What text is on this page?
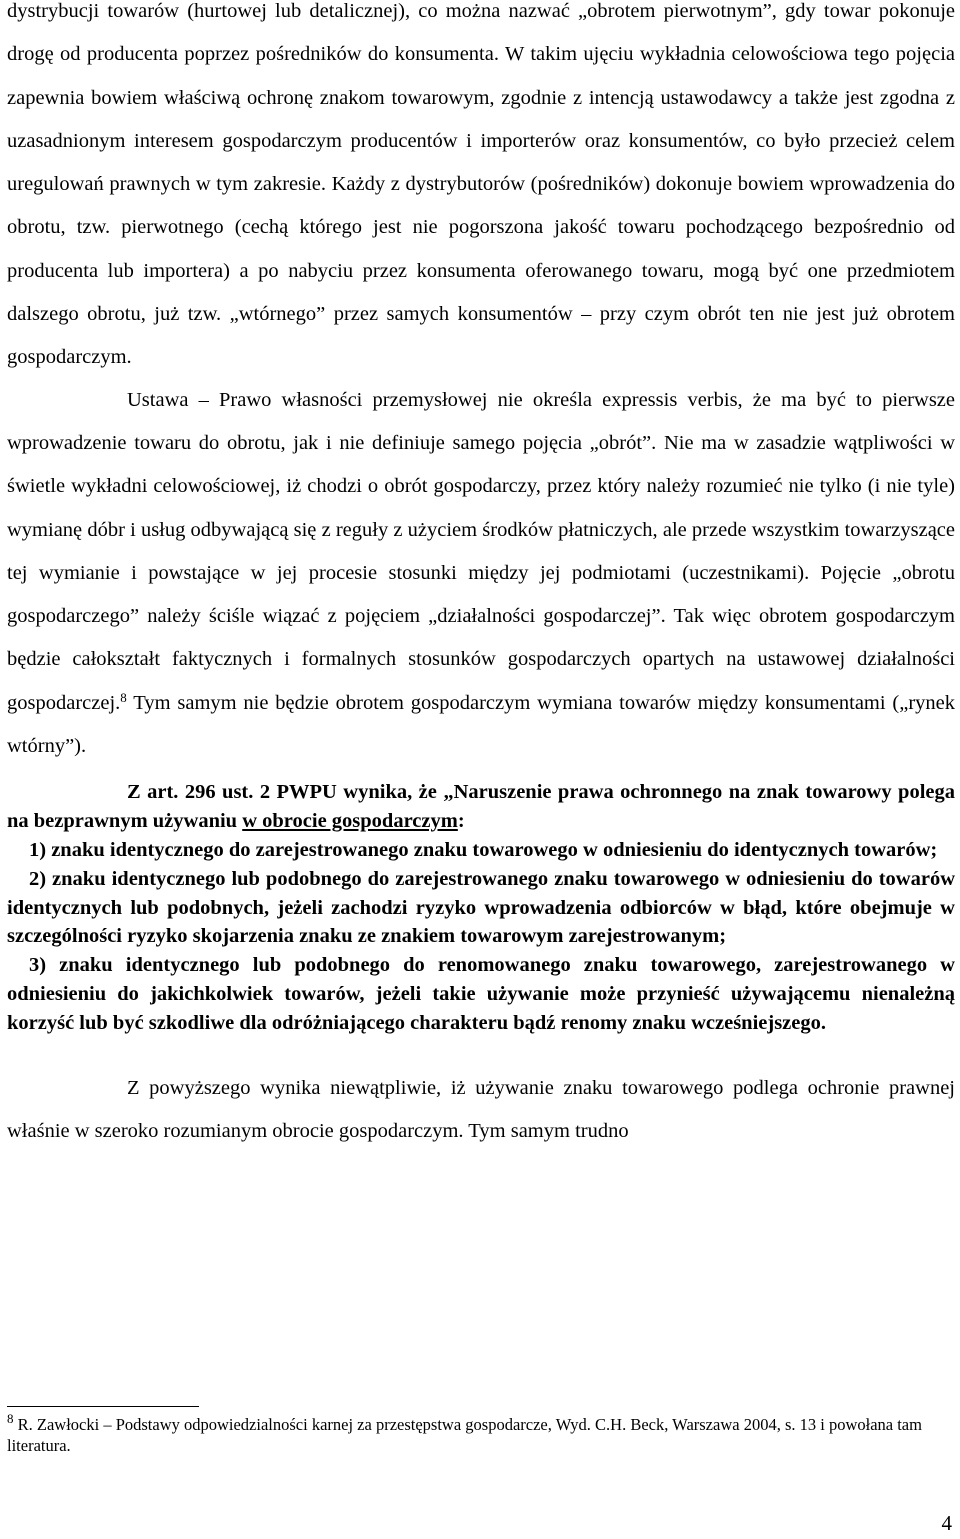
dystrybucji towarów (hurtowej lub detalicznej), co można nazwać „obrotem pierwotnym”, gdy towar pokonuje drogę od producenta poprzez pośredników do konsumenta. W takim ujęciu wykładnia celowościowa tego pojęcia zapewnia bowiem właściwą ochronę znakom towarowym, zgodnie z intencją ustawodawcy a także jest zgodna z uzasadnionym interesem gospodarczym producentów i importerów oraz konsumentów, co było przecież celem uregulowań prawnych w tym zakresie. Każdy z dystrybutorów (pośredników) dokonuje bowiem wprowadzenia do obrotu, tzw. pierwotnego (cechą którego jest nie pogorszona jakość towaru pochodzącego bezpośrednio od producenta lub importera) a po nabyciu przez konsumenta oferowanego towaru, mogą być one przedmiotem dalszego obrotu, już tzw. „wtórnego” przez samych konsumentów – przy czym obrót ten nie jest już obrotem gospodarczym.

Ustawa – Prawo własności przemysłowej nie określa expressis verbis, że ma być to pierwsze wprowadzenie towaru do obrotu, jak i nie definiuje samego pojęcia „obrót”. Nie ma w zasadzie wątpliwości w świetle wykładni celowościowej, iż chodzi o obrót gospodarczy, przez który należy rozumieć nie tylko (i nie tyle) wymianę dóbr i usług odbywającą się z reguły z użyciem środków płatniczych, ale przede wszystkim towarzyszące tej wymianie i powstające w jej procesie stosunki między jej podmiotami (uczestnikami). Pojęcie „obrotu gospodarczego” należy ściśle wiązać z pojęciem „działalności gospodarczej”. Tak więc obrotem gospodarczym będzie całokształt faktycznych i formalnych stosunków gospodarczych opartych na ustawowej działalności gospodarczej.$^8$ Tym samym nie będzie obrotem gospodarczym wymiana towarów między konsumentami („rynek wtórny”).

Z art. 296 ust. 2 PWPU wynika, że „Naruszenie prawa ochronnego na znak towarowy polega na bezprawnym używaniu w obrocie gospodarczym:

1) znaku identycznego do zarejestrowanego znaku towarowego w odniesieniu do identycznych towarów;

2) znaku identycznego lub podobnego do zarejestrowanego znaku towarowego w odniesieniu do towarów identycznych lub podobnych, jeżeli zachodzi ryzyko wprowadzenia odbiorców w błąd, które obejmuje w szczególności ryzyko skojarzenia znaku ze znakiem towarowym zarejestrowanym;

3) znaku identycznego lub podobnego do renomowanego znaku towarowego, zarejestrowanego w odniesieniu do jakichkolwiek towarów, jeżeli takie używanie może przynieść używającemu nienależną korzyść lub być szkodliwe dla odróżniającego charakteru bądź renomy znaku wcześniejszego.

Z powyższego wynika niewątpliwie, iż używanie znaku towarowego podlega ochronie prawnej właśnie w szeroko rozumianym obrocie gospodarczym. Tym samym trudno

$^8$ R. Zawłocki – Podstawy odpowiedzialności karnej za przestępstwa gospodarcze, Wyd. C.H. Beck, Warszawa 2004, s. 13 i powołana tam literatura.

4
